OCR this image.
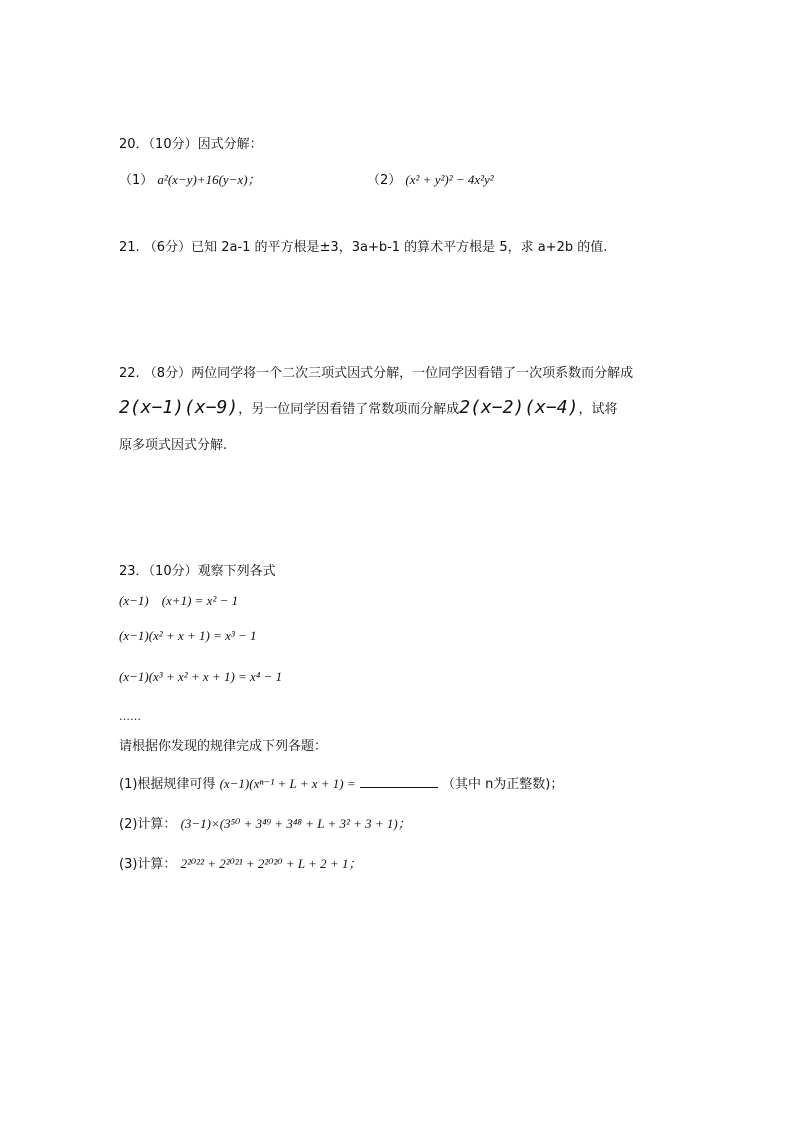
20．（10分）因式分解：
（1） a²(x−y)+16(y−x)；	（2） (x² + y²)² − 4x²y²
21. （6分）已知 2a-1 的平方根是±3，3a+b-1 的算术平方根是 5，求 a+2b 的值.
22. （8分）两位同学将一个二次三项式因式分解，一位同学因看错了一次项系数而分解成
2(x−1)(x−9)，另一位同学因看错了常数项而分解成2(x−2)(x−4)，试将
原多项式因式分解.
23．（10分）观察下列各式
(x−1)　(x+1) = x² − 1
(x−1)(x² + x + 1) = x³ − 1
(x−1)(x³ + x² + x + 1) = x⁴ − 1
……
请根据你发现的规律完成下列各题：
(1)根据规律可得 (x−1)(xⁿ⁻¹ + L + x + 1) =	（其中 n为正整数)；
(2)计算： (3−1)×(3⁵⁰ + 3⁴⁹ + 3⁴⁸ + L + 3² + 3 + 1)；
(3)计算： 2²⁰²² + 2²⁰²¹ + 2²⁰²⁰ + L + 2 + 1；
